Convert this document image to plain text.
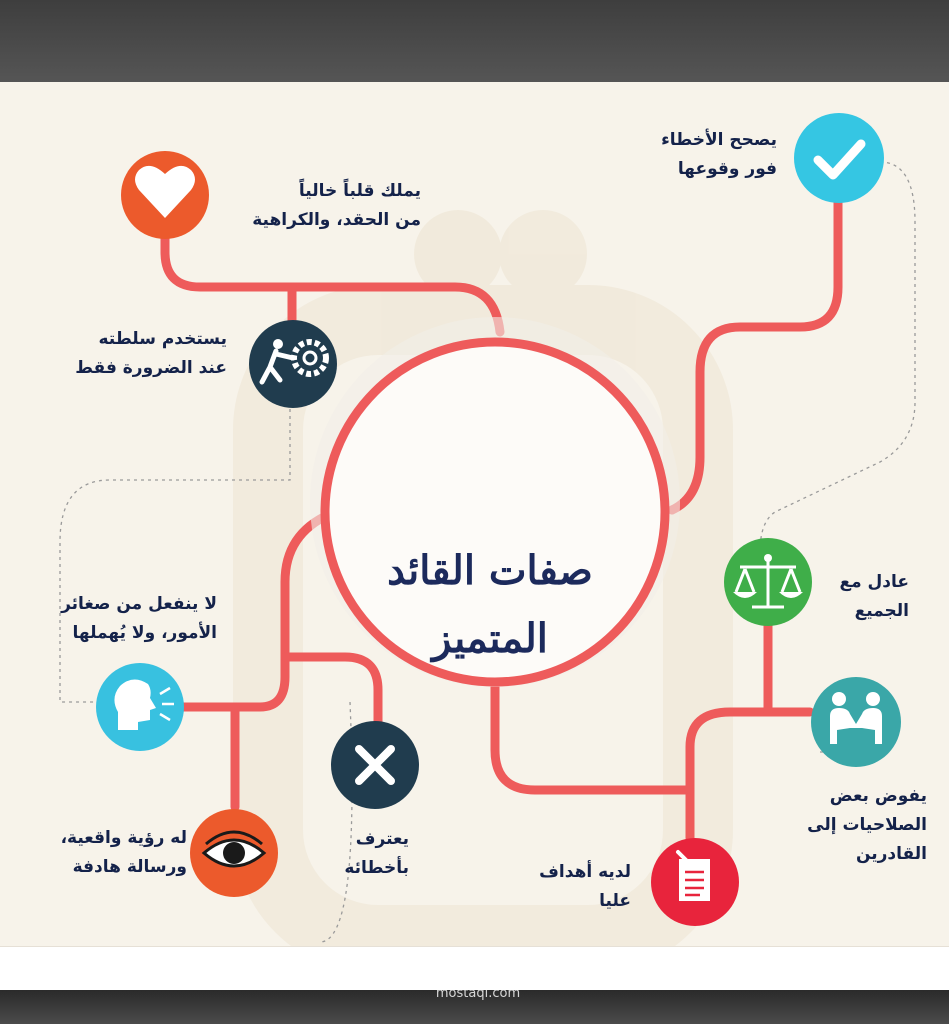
صفات القائد
المتميز
يصحح الأخطاء
فور وقوعها
يملك قلباً خالياً
من الحقد، والكراهية
يستخدم سلطته
عند الضرورة فقط
عادل مع
الجميع
لا ينفعل من صغائر
الأمور، ولا يُهملها
يفوض بعض
الصلاحيات إلى
القادرين
يعترف
بأخطائه
له رؤية واقعية،
ورسالة هادفة	لديه أهداف
عليا
مستقل
mostaqi.com
